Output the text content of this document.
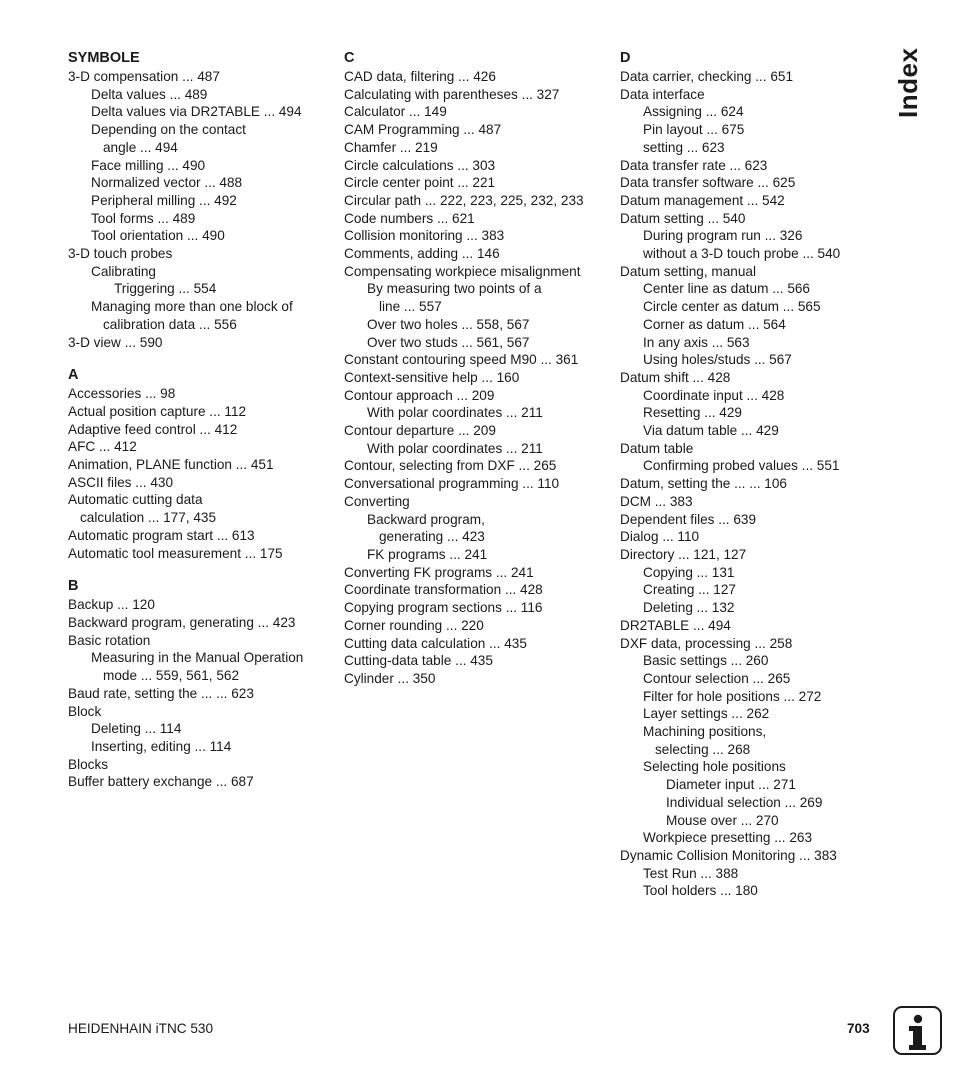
SYMBOLE
3-D compensation ... 487
Delta values ... 489
Delta values via DR2TABLE ... 494
Depending on the contact
angle ... 494
Face milling ... 490
Normalized vector ... 488
Peripheral milling ... 492
Tool forms ... 489
Tool orientation ... 490
3-D touch probes
Calibrating
Triggering ... 554
Managing more than one block of
calibration data ... 556
3-D view ... 590
A
Accessories ... 98
Actual position capture ... 112
Adaptive feed control ... 412
AFC ... 412
Animation, PLANE function ... 451
ASCII files ... 430
Automatic cutting data
calculation ... 177, 435
Automatic program start ... 613
Automatic tool measurement ... 175
B
Backup ... 120
Backward program, generating ... 423
Basic rotation
Measuring in the Manual Operation
mode ... 559, 561, 562
Baud rate, setting the ... ... 623
Block
Deleting ... 114
Inserting, editing ... 114
Blocks
Buffer battery exchange ... 687
C
CAD data, filtering ... 426
Calculating with parentheses ... 327
Calculator ... 149
CAM Programming ... 487
Chamfer ... 219
Circle calculations ... 303
Circle center point ... 221
Circular path ... 222, 223, 225, 232, 233
Code numbers ... 621
Collision monitoring ... 383
Comments, adding ... 146
Compensating workpiece misalignment
By measuring two points of a
line ... 557
Over two holes ... 558, 567
Over two studs ... 561, 567
Constant contouring speed M90 ... 361
Context-sensitive help ... 160
Contour approach ... 209
With polar coordinates ... 211
Contour departure ... 209
With polar coordinates ... 211
Contour, selecting from DXF ... 265
Conversational programming ... 110
Converting
Backward program,
generating ... 423
FK programs ... 241
Converting FK programs ... 241
Coordinate transformation ... 428
Copying program sections ... 116
Corner rounding ... 220
Cutting data calculation ... 435
Cutting-data table ... 435
Cylinder ... 350
D
Data carrier, checking ... 651
Data interface
Assigning ... 624
Pin layout ... 675
setting ... 623
Data transfer rate ... 623
Data transfer software ... 625
Datum management ... 542
Datum setting ... 540
During program run ... 326
without a 3-D touch probe ... 540
Datum setting, manual
Center line as datum ... 566
Circle center as datum ... 565
Corner as datum ... 564
In any axis ... 563
Using holes/studs ... 567
Datum shift ... 428
Coordinate input ... 428
Resetting ... 429
Via datum table ... 429
Datum table
Confirming probed values ... 551
Datum, setting the ... ... 106
DCM ... 383
Dependent files ... 639
Dialog ... 110
Directory ... 121, 127
Copying ... 131
Creating ... 127
Deleting ... 132
DR2TABLE ... 494
DXF data, processing ... 258
Basic settings ... 260
Contour selection ... 265
Filter for hole positions ... 272
Layer settings ... 262
Machining positions,
selecting ... 268
Selecting hole positions
Diameter input ... 271
Individual selection ... 269
Mouse over ... 270
Workpiece presetting ... 263
Dynamic Collision Monitoring ... 383
Test Run ... 388
Tool holders ... 180
Index
HEIDENHAIN iTNC 530	703
